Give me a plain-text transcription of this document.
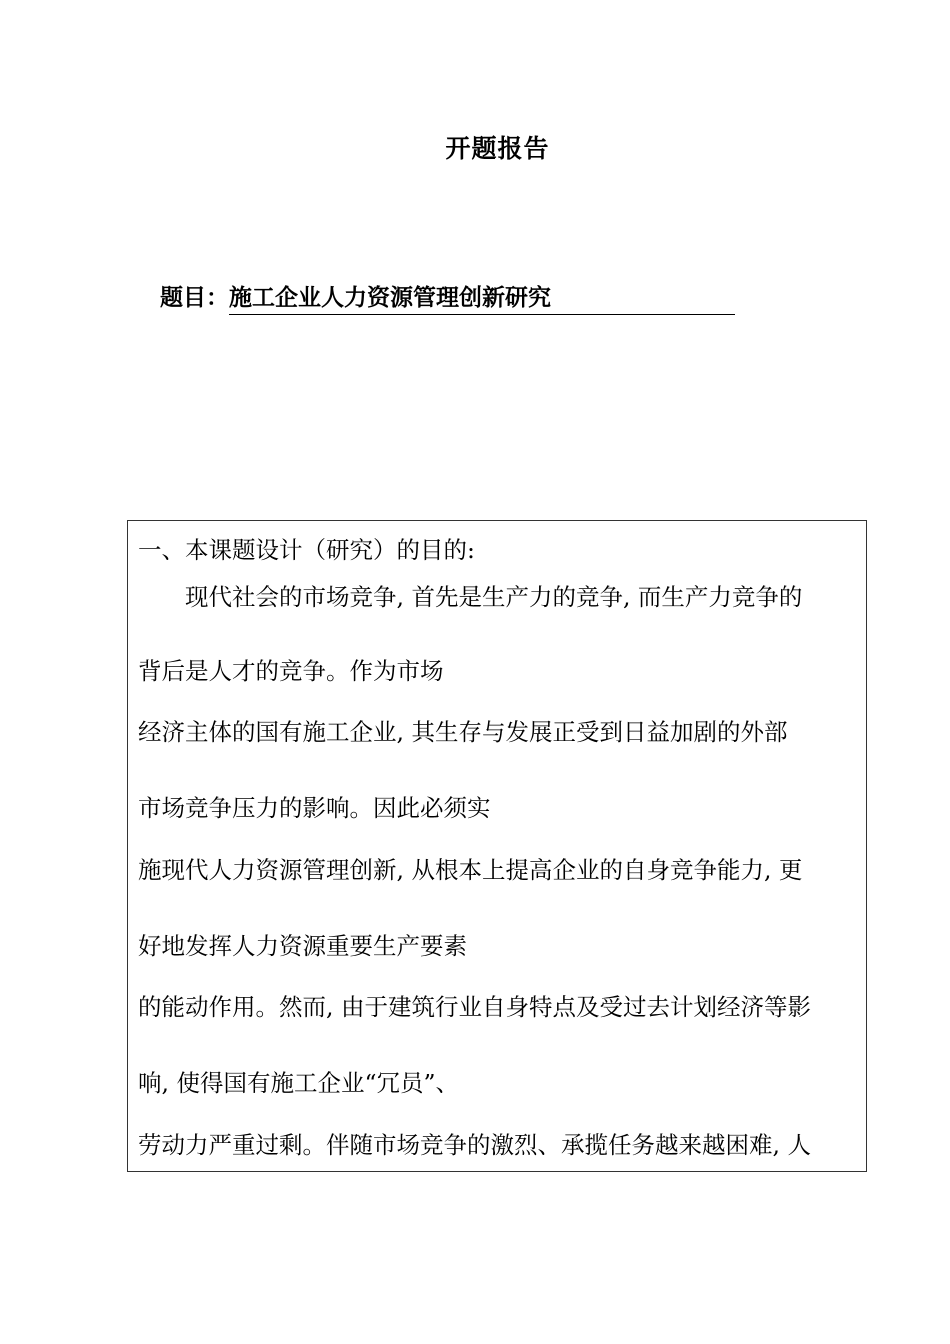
开题报告
题目：施工企业人力资源管理创新研究
一、本课题设计（研究）的目的:
　　现代社会的市场竞争, 首先是生产力的竞争, 而生产力竞争的
背后是人才的竞争。作为市场
经济主体的国有施工企业, 其生存与发展正受到日益加剧的外部
市场竞争压力的影响。因此必须实
施现代人力资源管理创新, 从根本上提高企业的自身竞争能力, 更
好地发挥人力资源重要生产要素
的能动作用。然而, 由于建筑行业自身特点及受过去计划经济等影
响, 使得国有施工企业“冗员”、
劳动力严重过剩。伴随市场竞争的激烈、承揽任务越来越困难, 人
